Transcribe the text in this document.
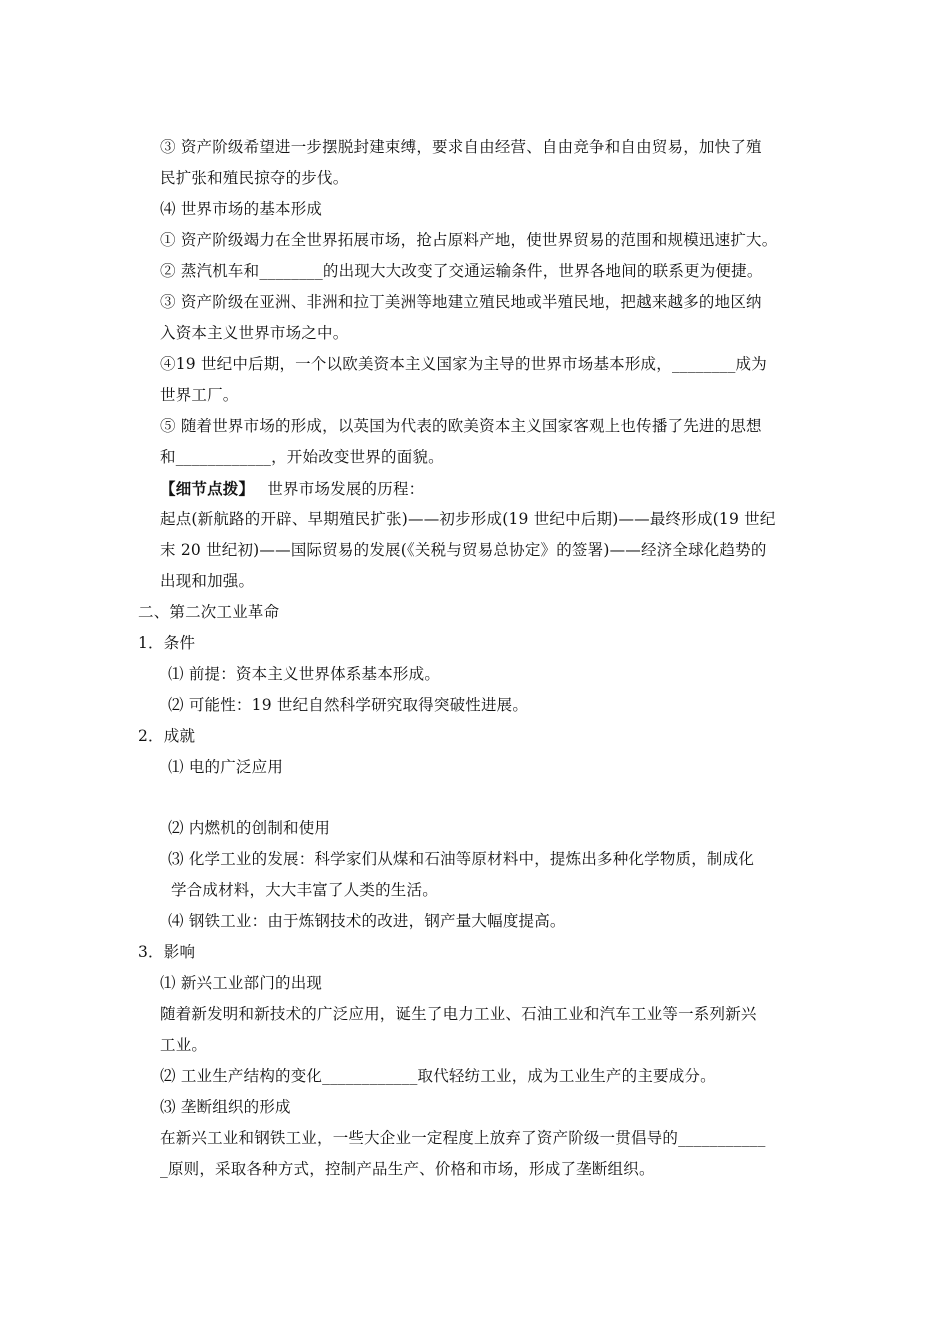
③ 资产阶级希望进一步摆脱封建束缚，要求自由经营、自由竞争和自由贸易，加快了殖
民扩张和殖民掠夺的步伐。
⑷ 世界市场的基本形成
① 资产阶级竭力在全世界拓展市场，抢占原料产地，使世界贸易的范围和规模迅速扩大。
② 蒸汽机车和________的出现大大改变了交通运输条件，世界各地间的联系更为便捷。
③ 资产阶级在亚洲、非洲和拉丁美洲等地建立殖民地或半殖民地，把越来越多的地区纳
入资本主义世界市场之中。
④19 世纪中后期，一个以欧美资本主义国家为主导的世界市场基本形成，________成为
世界工厂。
⑤ 随着世界市场的形成，以英国为代表的欧美资本主义国家客观上也传播了先进的思想
和____________，开始改变世界的面貌。
【细节点拨】 世界市场发展的历程：
起点(新航路的开辟、早期殖民扩张)——初步形成(19 世纪中后期)——最终形成(19 世纪
末 20 世纪初)——国际贸易的发展(《关税与贸易总协定》的签署)——经济全球化趋势的
出现和加强。
二、第二次工业革命
1．条件
⑴ 前提：资本主义世界体系基本形成。
⑵ 可能性：19 世纪自然科学研究取得突破性进展。
2．成就
⑴ 电的广泛应用
⑵ 内燃机的创制和使用
⑶ 化学工业的发展：科学家们从煤和石油等原材料中，提炼出多种化学物质，制成化
学合成材料，大大丰富了人类的生活。
⑷ 钢铁工业：由于炼钢技术的改进，钢产量大幅度提高。
3．影响
⑴ 新兴工业部门的出现
随着新发明和新技术的广泛应用，诞生了电力工业、石油工业和汽车工业等一系列新兴
工业。
⑵ 工业生产结构的变化____________取代轻纺工业，成为工业生产的主要成分。
⑶ 垄断组织的形成
在新兴工业和钢铁工业，一些大企业一定程度上放弃了资产阶级一贯倡导的___________
_原则，采取各种方式，控制产品生产、价格和市场，形成了垄断组织。
